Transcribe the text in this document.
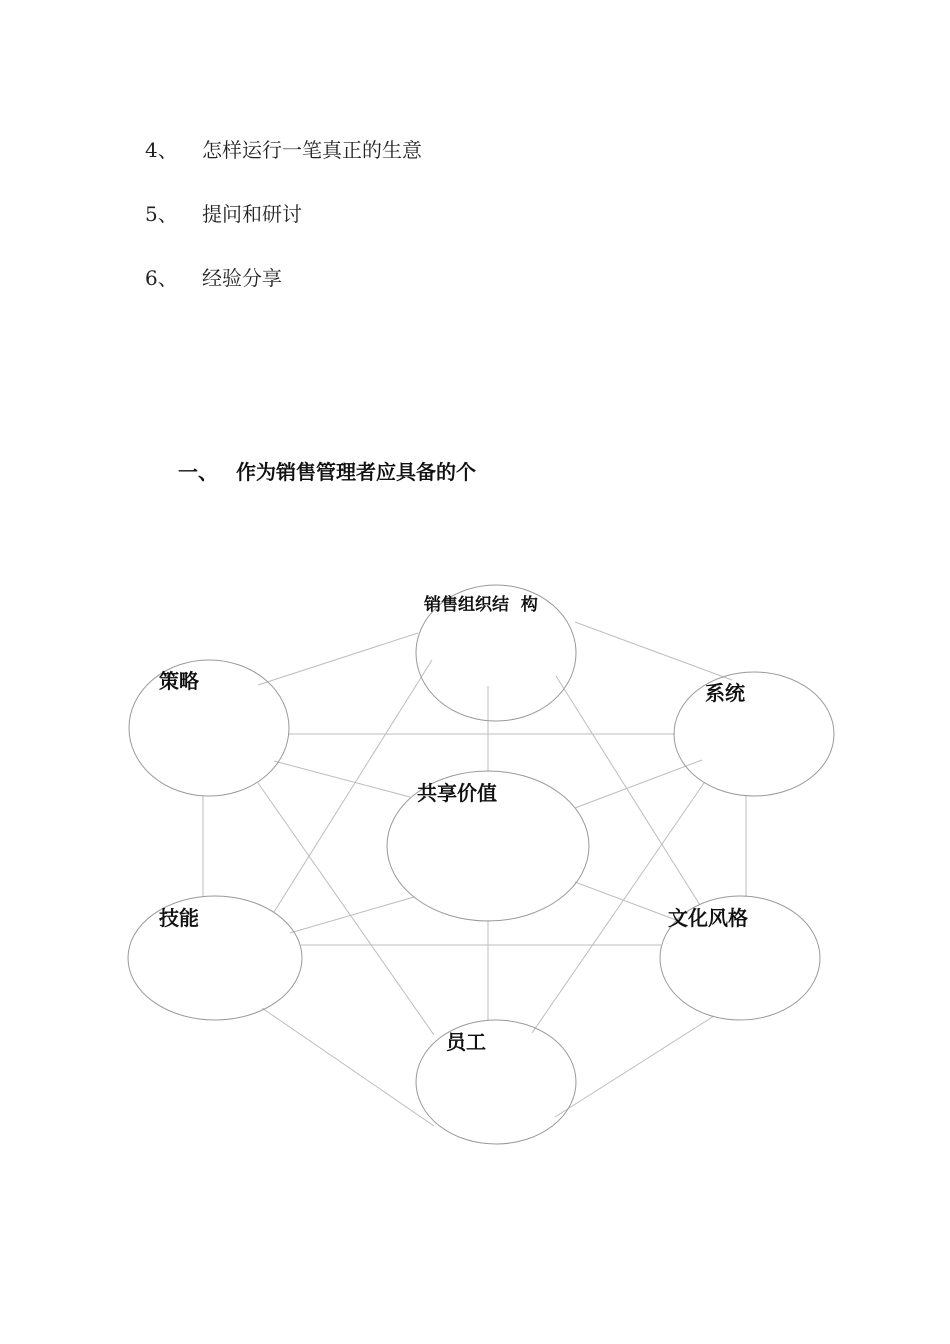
4、 怎样运行一笔真正的生意
5、 提问和研讨
6、 经验分享
一、 作为销售管理者应具备的个
销售组织结  构
策略	系统
共享价值
技能	文化风格
员工
